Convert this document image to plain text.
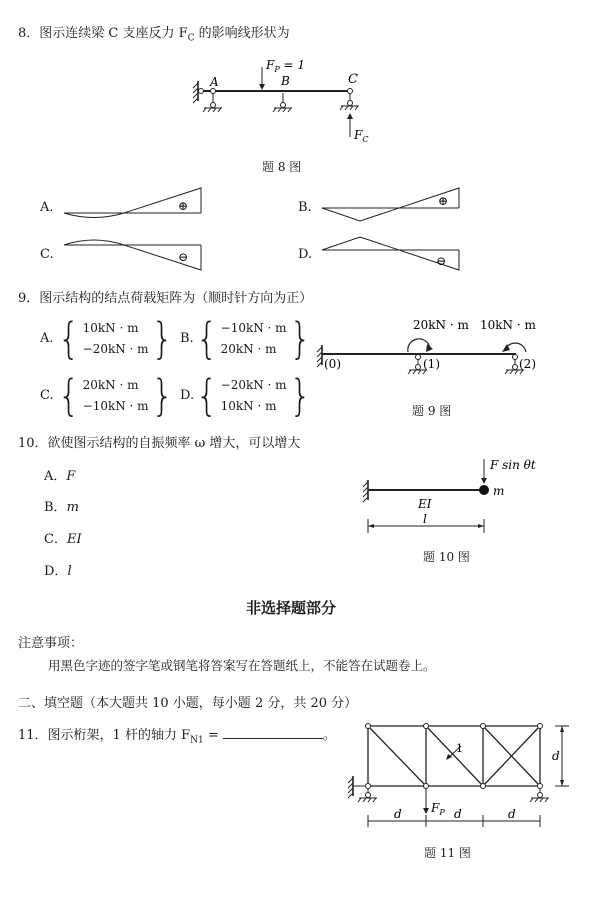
8．图示连续梁 C 支座反力 $F_C$ 的影响线形状为
$F_P = 1$
A	B	C
$F_C$
题 8 图
A.	B.
C.	D.
⊕	⊕
⊖	⊖
9．图示结构的结点荷载矩阵为（顺时针方向为正）
A. { 10kN · m
−20kN · m } B. { −10kN · m
20kN · m }
C. { 20kN · m
−10kN · m } D. { −20kN · m
10kN · m }
20kN · m 10kN · m
(0)	(1)	(2)
题 9 图
10．欲使图示结构的自振频率 ω 增大，可以增大
A．F
B．m
C．EI
D．l
F sin θt
m
EI
l
题 10 图
非选择题部分
注意事项：
用黑色字迹的签字笔或钢笔将答案写在答题纸上，不能答在试题卷上。
二、填空题（本大题共 10 小题，每小题 2 分，共 20 分）
11．图示桁架，1 杆的轴力 $F_{N1}$ =	。
1
$F_P$
d
d	d	d
题 11 图
